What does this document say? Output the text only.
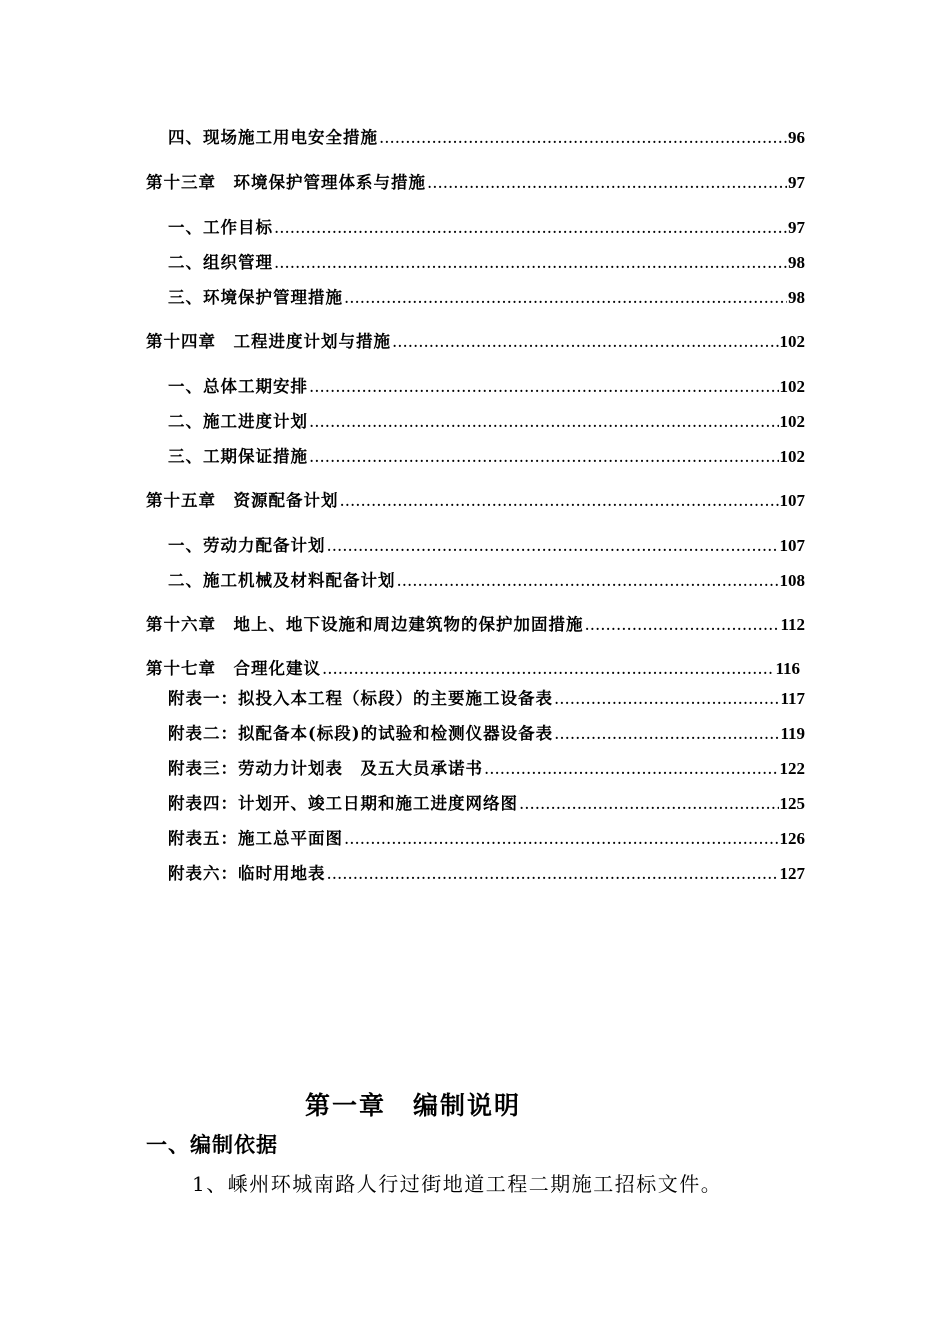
四、现场施工用电安全措施 .....	96
第十三章　环境保护管理体系与措施 .....	97
一、工作目标 .....	97
二、组织管理 .....	98
三、环境保护管理措施 .....	98
第十四章　工程进度计划与措施 .....	102
一、总体工期安排 .....	102
二、施工进度计划 .....	102
三、工期保证措施 .....	102
第十五章　资源配备计划 .....	107
一、劳动力配备计划 .....	107
二、施工机械及材料配备计划 .....	108
第十六章　地上、地下设施和周边建筑物的保护加固措施 .....	112
第十七章　合理化建议 .....	116
附表一：拟投入本工程（标段）的主要施工设备表 .....	117
附表二：拟配备本(标段)的试验和检测仪器设备表 .....	119
附表三：劳动力计划表　及五大员承诺书 .....	122
附表四：计划开、竣工日期和施工进度网络图 .....	125
附表五：施工总平面图 .....	126
附表六：临时用地表 .....	127
第一章　编制说明
一、编制依据
1、嵊州环城南路人行过街地道工程二期施工招标文件。
